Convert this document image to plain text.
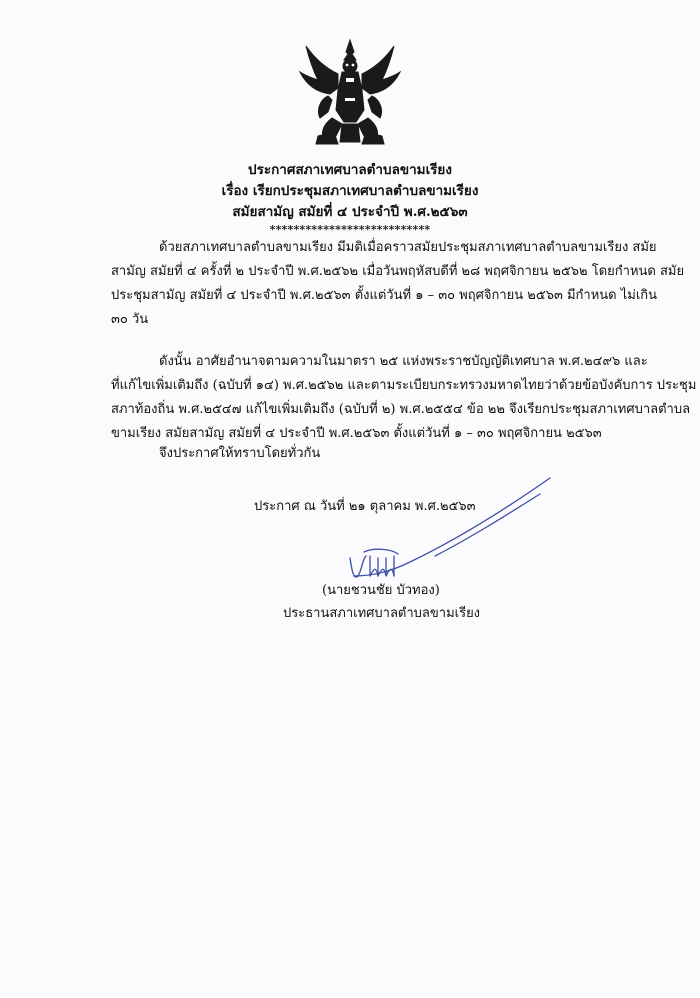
ประกาศสภาเทศบาลตำบลขามเรียง
เรื่อง เรียกประชุมสภาเทศบาลตำบลขามเรียง
สมัยสามัญ สมัยที่ ๔ ประจำปี พ.ศ.๒๕๖๓
***************************
ด้วยสภาเทศบาลตำบลขามเรียง มีมติเมื่อคราวสมัยประชุมสภาเทศบาลตำบลขามเรียง สมัย
สามัญ สมัยที่ ๔ ครั้งที่ ๒ ประจำปี พ.ศ.๒๕๖๒ เมื่อวันพฤหัสบดีที่ ๒๘ พฤศจิกายน ๒๕๖๒ โดยกำหนด สมัย
ประชุมสามัญ สมัยที่ ๔ ประจำปี พ.ศ.๒๕๖๓ ตั้งแต่วันที่ ๑ – ๓๐ พฤศจิกายน ๒๕๖๓ มีกำหนด ไม่เกิน
๓๐ วัน
ดังนั้น อาศัยอำนาจตามความในมาตรา ๒๕ แห่งพระราชบัญญัติเทศบาล พ.ศ.๒๔๙๖ และ
ที่แก้ไขเพิ่มเติมถึง (ฉบับที่ ๑๔) พ.ศ.๒๕๖๒ และตามระเบียบกระทรวงมหาดไทยว่าด้วยข้อบังคับการ ประชุม
สภาท้องถิ่น พ.ศ.๒๕๔๗ แก้ไขเพิ่มเติมถึง (ฉบับที่ ๒) พ.ศ.๒๕๕๔ ข้อ ๒๒ จึงเรียกประชุมสภาเทศบาลตำบล
ขามเรียง สมัยสามัญ สมัยที่ ๔ ประจำปี พ.ศ.๒๕๖๓ ตั้งแต่วันที่ ๑ – ๓๐ พฤศจิกายน ๒๕๖๓
จึงประกาศให้ทราบโดยทั่วกัน
ประกาศ ณ วันที่ ๒๑ ตุลาคม พ.ศ.๒๕๖๓
(นายชวนชัย บัวทอง)
ประธานสภาเทศบาลตำบลขามเรียง
